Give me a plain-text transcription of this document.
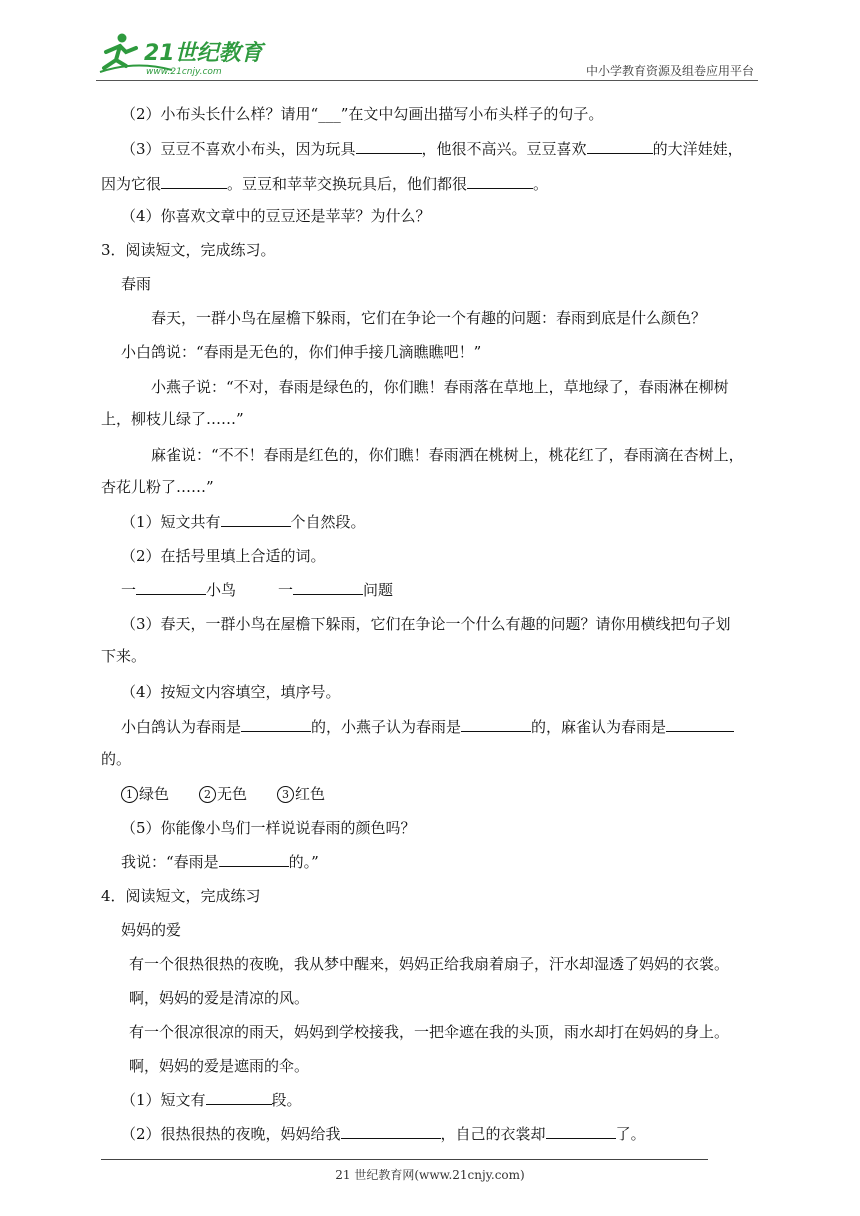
21世纪教育
www.21cnjy.com	中小学教育资源及组卷应用平台
（2）小布头长什么样？请用“___”在文中勾画出描写小布头样子的句子。
（3）豆豆不喜欢小布头，因为玩具	，他很不高兴。豆豆喜欢	的大洋娃娃，
因为它很	。豆豆和苹苹交换玩具后，他们都很	。
（4）你喜欢文章中的豆豆还是苹苹？为什么？
3．阅读短文，完成练习。
春雨
春天，一群小鸟在屋檐下躲雨，它们在争论一个有趣的问题：春雨到底是什么颜色？
小白鸽说：“春雨是无色的，你们伸手接几滴瞧瞧吧！”
小燕子说：“不对，春雨是绿色的，你们瞧！春雨落在草地上，草地绿了，春雨淋在柳树
上，柳枝儿绿了……”
麻雀说：“不不！春雨是红色的，你们瞧！春雨洒在桃树上，桃花红了，春雨滴在杏树上，
杏花儿粉了……”
（1）短文共有	个自然段。
（2）在括号里填上合适的词。
一	小鸟	一	问题
（3）春天，一群小鸟在屋檐下躲雨，它们在争论一个什么有趣的问题？请你用横线把句子划
下来。
（4）按短文内容填空，填序号。
小白鸽认为春雨是	的，小燕子认为春雨是	的，麻雀认为春雨是
的。
1 绿色	2 无色	3 红色
（5）你能像小鸟们一样说说春雨的颜色吗？
我说：“春雨是	的。”
4．阅读短文，完成练习
妈妈的爱
有一个很热很热的夜晚，我从梦中醒来，妈妈正给我扇着扇子，汗水却湿透了妈妈的衣裳。
啊，妈妈的爱是清凉的风。
有一个很凉很凉的雨天，妈妈到学校接我，一把伞遮在我的头顶，雨水却打在妈妈的身上。
啊，妈妈的爱是遮雨的伞。
（1）短文有	段。
（2）很热很热的夜晚，妈妈给我	，自己的衣裳却	了。
21 世纪教育网(www.21cnjy.com)
